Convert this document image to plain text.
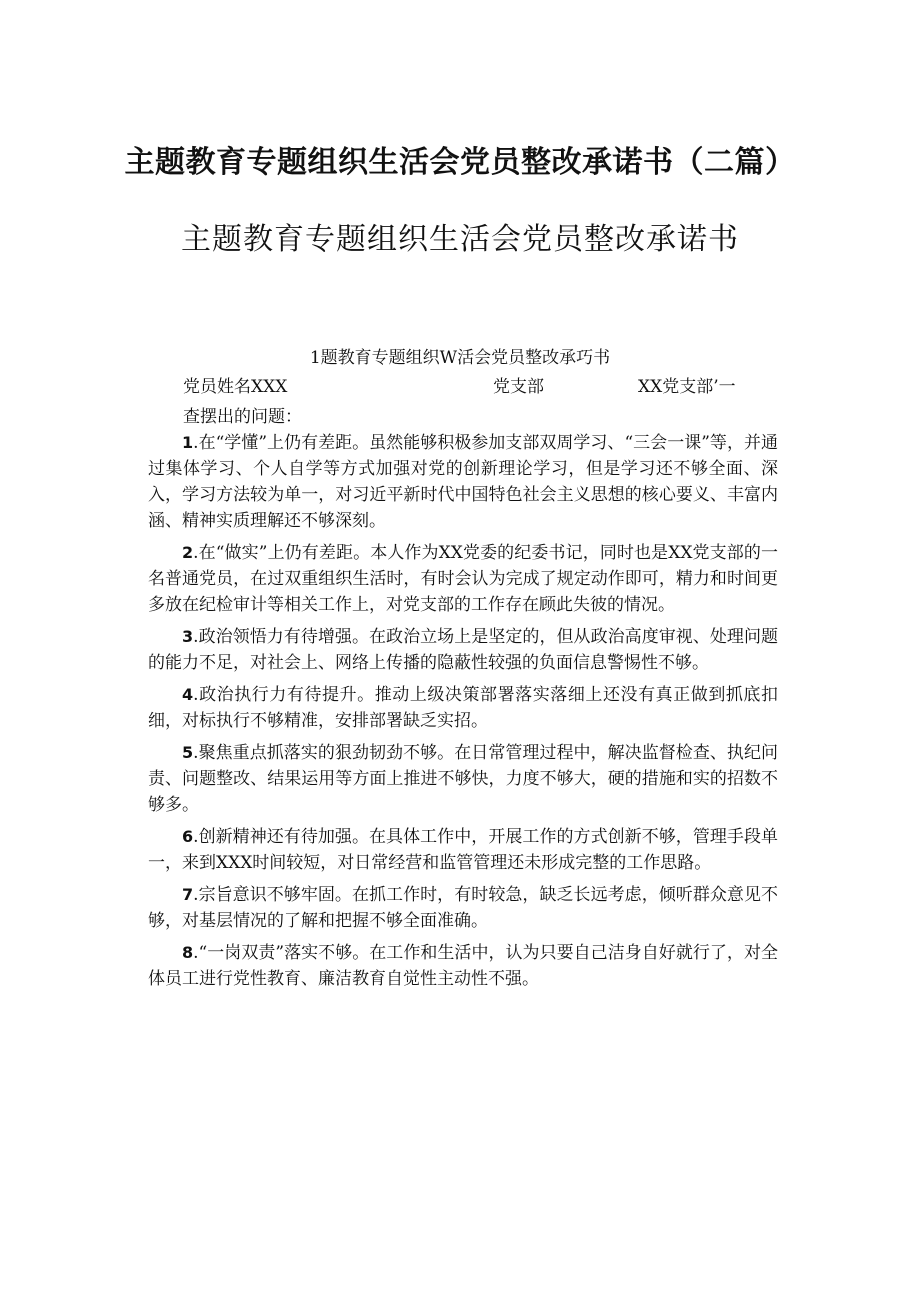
主题教育专题组织生活会党员整改承诺书（二篇）
主题教育专题组织生活会党员整改承诺书
1题教育专题组织W活会党员整改承巧书
党员姓名XXX	党支部	XX党支部’一
查摆出的问题：
1.在“学懂”上仍有差距。虽然能够积极参加支部双周学习、“三会一课”等，并通过集体学习、个人自学等方式加强对党的创新理论学习，但是学习还不够全面、深入，学习方法较为单一，对习近平新时代中国特色社会主义思想的核心要义、丰富内涵、精神实质理解还不够深刻。
2.在“做实”上仍有差距。本人作为XX党委的纪委书记，同时也是XX党支部的一名普通党员，在过双重组织生活时，有时会认为完成了规定动作即可，精力和时间更多放在纪检审计等相关工作上，对党支部的工作存在顾此失彼的情况。
3.政治领悟力有待增强。在政治立场上是坚定的，但从政治高度审视、处理问题的能力不足，对社会上、网络上传播的隐蔽性较强的负面信息警惕性不够。
4.政治执行力有待提升。推动上级决策部署落实落细上还没有真正做到抓底扣细，对标执行不够精准，安排部署缺乏实招。
5.聚焦重点抓落实的狠劲韧劲不够。在日常管理过程中，解决监督检查、执纪问责、问题整改、结果运用等方面上推进不够快，力度不够大，硬的措施和实的招数不够多。
6.创新精神还有待加强。在具体工作中，开展工作的方式创新不够，管理手段单一，来到XXX时间较短，对日常经营和监管管理还未形成完整的工作思路。
7.宗旨意识不够牢固。在抓工作时，有时较急，缺乏长远考虑，倾听群众意见不够，对基层情况的了解和把握不够全面准确。
8.“一岗双责”落实不够。在工作和生活中，认为只要自己洁身自好就行了，对全体员工进行党性教育、廉洁教育自觉性主动性不强。
